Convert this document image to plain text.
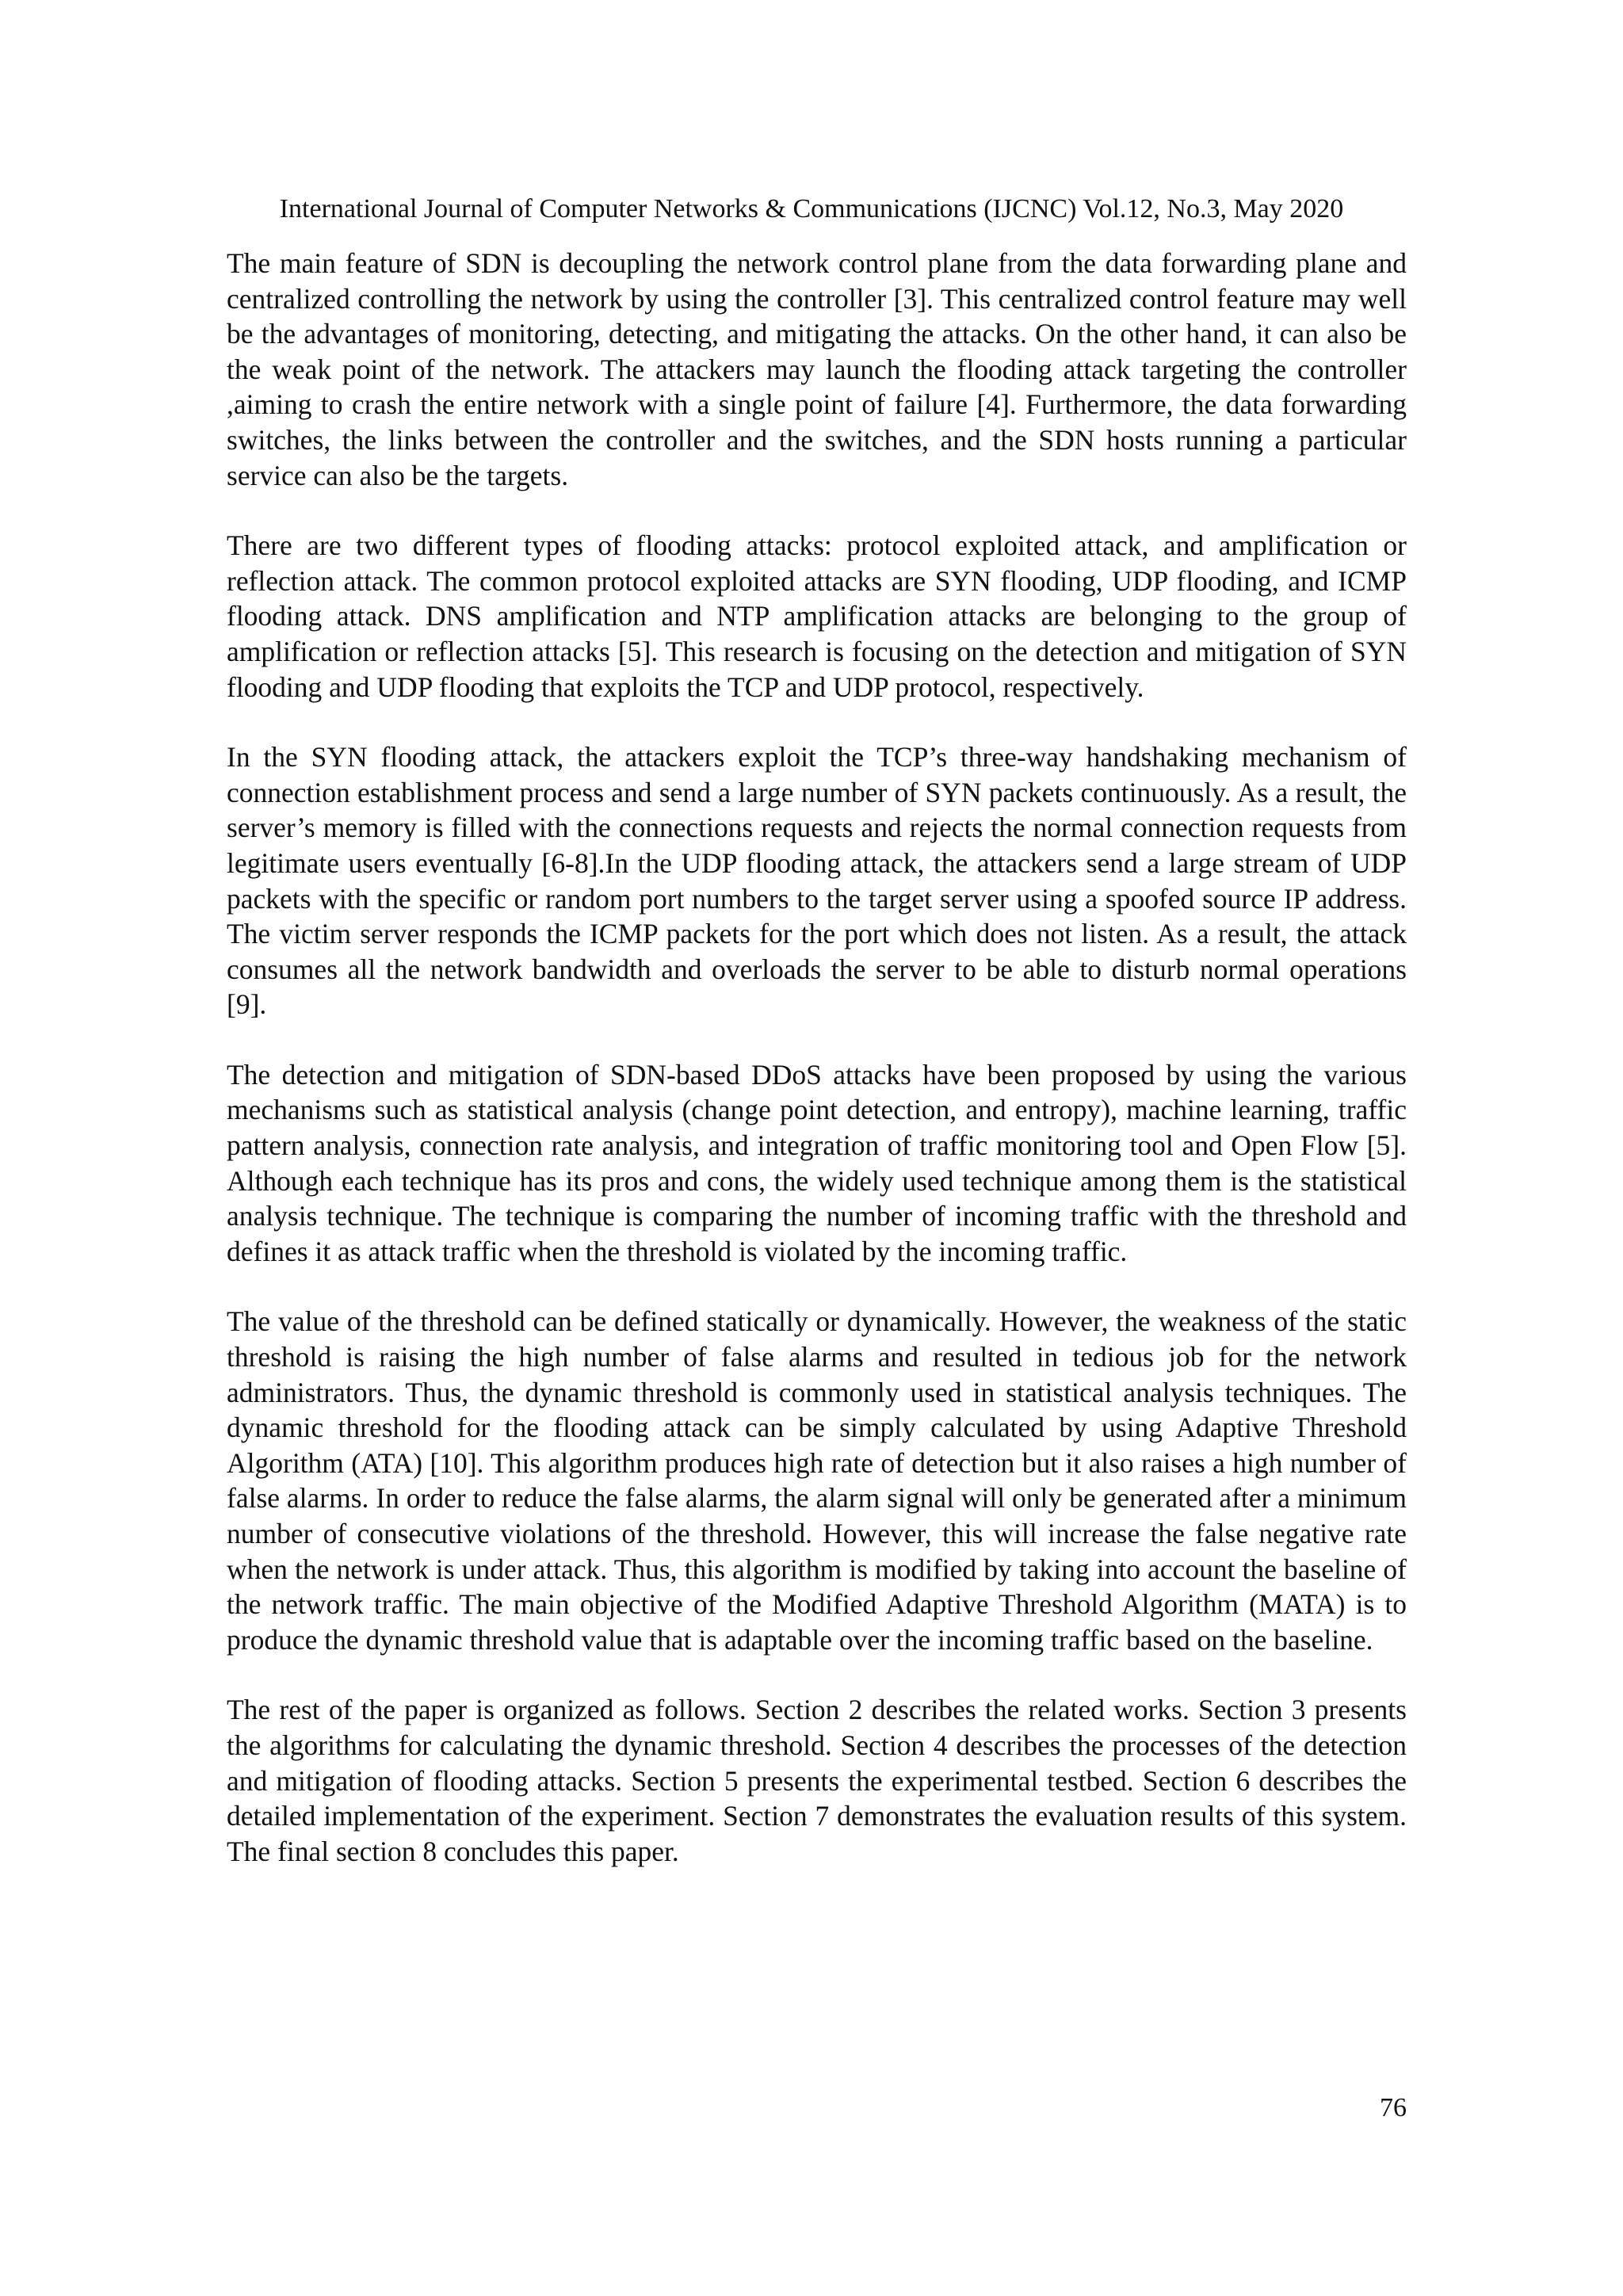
International Journal of Computer Networks & Communications (IJCNC) Vol.12, No.3, May 2020

The main feature of SDN is decoupling the network control plane from the data forwarding plane and centralized controlling the network by using the controller [3]. This centralized control feature may well be the advantages of monitoring, detecting, and mitigating the attacks. On the other hand, it can also be the weak point of the network. The attackers may launch the flooding attack targeting the controller ,aiming to crash the entire network with a single point of failure [4]. Furthermore, the data forwarding switches, the links between the controller and the switches, and the SDN hosts running a particular service can also be the targets.

There are two different types of flooding attacks: protocol exploited attack, and amplification or reflection attack. The common protocol exploited attacks are SYN flooding, UDP flooding, and ICMP flooding attack. DNS amplification and NTP amplification attacks are belonging to the group of amplification or reflection attacks [5]. This research is focusing on the detection and mitigation of SYN flooding and UDP flooding that exploits the TCP and UDP protocol, respectively.

In the SYN flooding attack, the attackers exploit the TCP’s three-way handshaking mechanism of connection establishment process and send a large number of SYN packets continuously. As a result, the server’s memory is filled with the connections requests and rejects the normal connection requests from legitimate users eventually [6-8].In the UDP flooding attack, the attackers send a large stream of UDP packets with the specific or random port numbers to the target server using a spoofed source IP address. The victim server responds the ICMP packets for the port which does not listen. As a result, the attack consumes all the network bandwidth and overloads the server to be able to disturb normal operations [9].

The detection and mitigation of SDN-based DDoS attacks have been proposed by using the various mechanisms such as statistical analysis (change point detection, and entropy), machine learning, traffic pattern analysis, connection rate analysis, and integration of traffic monitoring tool and Open Flow [5]. Although each technique has its pros and cons, the widely used technique among them is the statistical analysis technique. The technique is comparing the number of incoming traffic with the threshold and defines it as attack traffic when the threshold is violated by the incoming traffic.

The value of the threshold can be defined statically or dynamically. However, the weakness of the static threshold is raising the high number of false alarms and resulted in tedious job for the network administrators. Thus, the dynamic threshold is commonly used in statistical analysis techniques. The dynamic threshold for the flooding attack can be simply calculated by using Adaptive Threshold Algorithm (ATA) [10]. This algorithm produces high rate of detection but it also raises a high number of false alarms. In order to reduce the false alarms, the alarm signal will only be generated after a minimum number of consecutive violations of the threshold. However, this will increase the false negative rate when the network is under attack. Thus, this algorithm is modified by taking into account the baseline of the network traffic. The main objective of the Modified Adaptive Threshold Algorithm (MATA) is to produce the dynamic threshold value that is adaptable over the incoming traffic based on the baseline.

The rest of the paper is organized as follows. Section 2 describes the related works. Section 3 presents the algorithms for calculating the dynamic threshold. Section 4 describes the processes of the detection and mitigation of flooding attacks. Section 5 presents the experimental testbed. Section 6 describes the detailed implementation of the experiment. Section 7 demonstrates the evaluation results of this system. The final section 8 concludes this paper.

76
